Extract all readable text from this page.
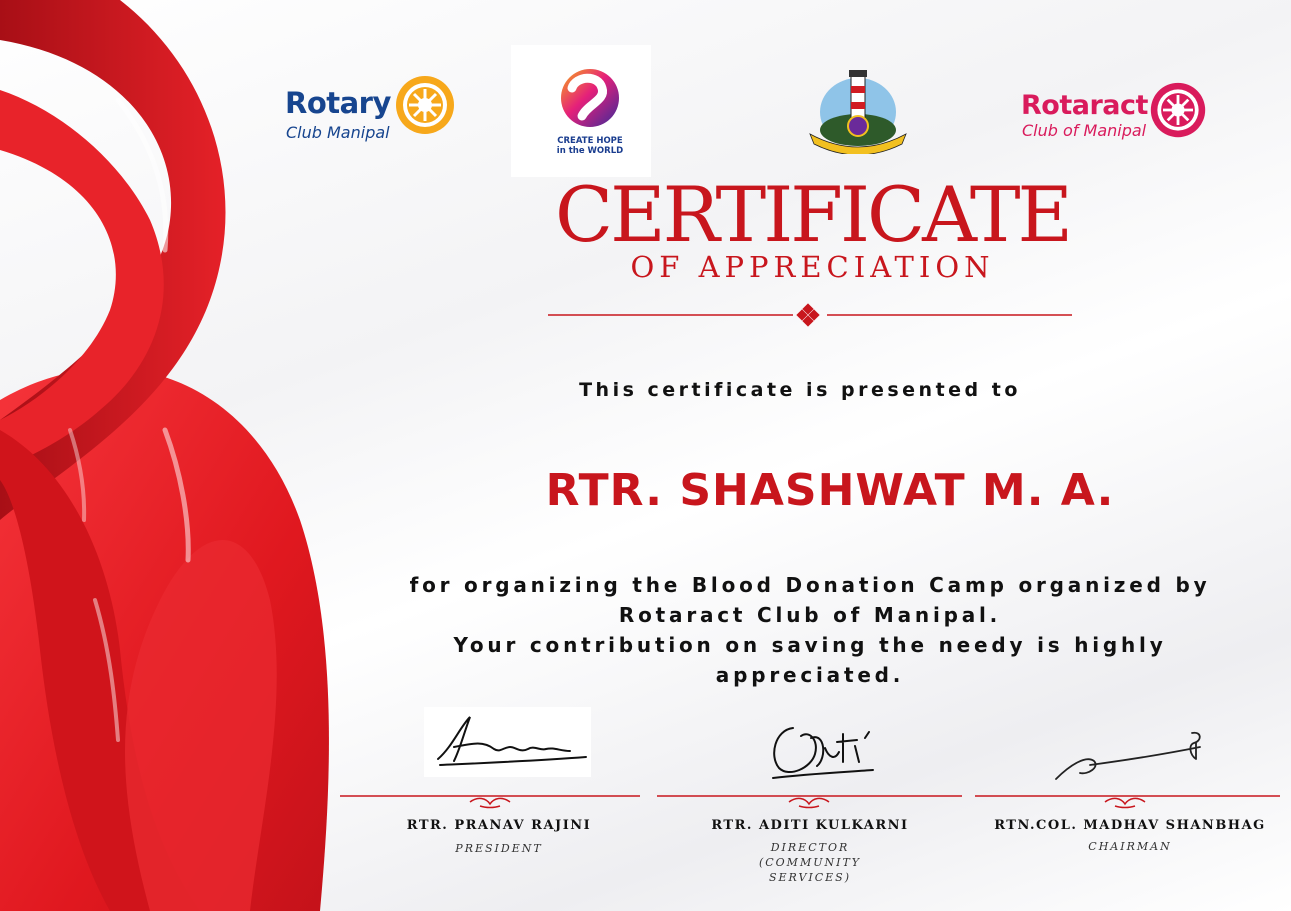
Rotary
Club Manipal	CREATE HOPE
in the WORLD
Rotaract
Club of Manipal
CERTIFICATE
OF APPRECIATION
This certificate is presented to
RTR. SHASHWAT M. A.
for organizing the Blood Donation Camp organized by
Rotaract Club of Manipal.
Your contribution on saving the needy is highly
appreciated.
RTR. PRANAV RAJINI
PRESIDENT
RTR. ADITI KULKARNI
DIRECTOR
(COMMUNITY
SERVICES)
RTN.COL. MADHAV SHANBHAG
CHAIRMAN
